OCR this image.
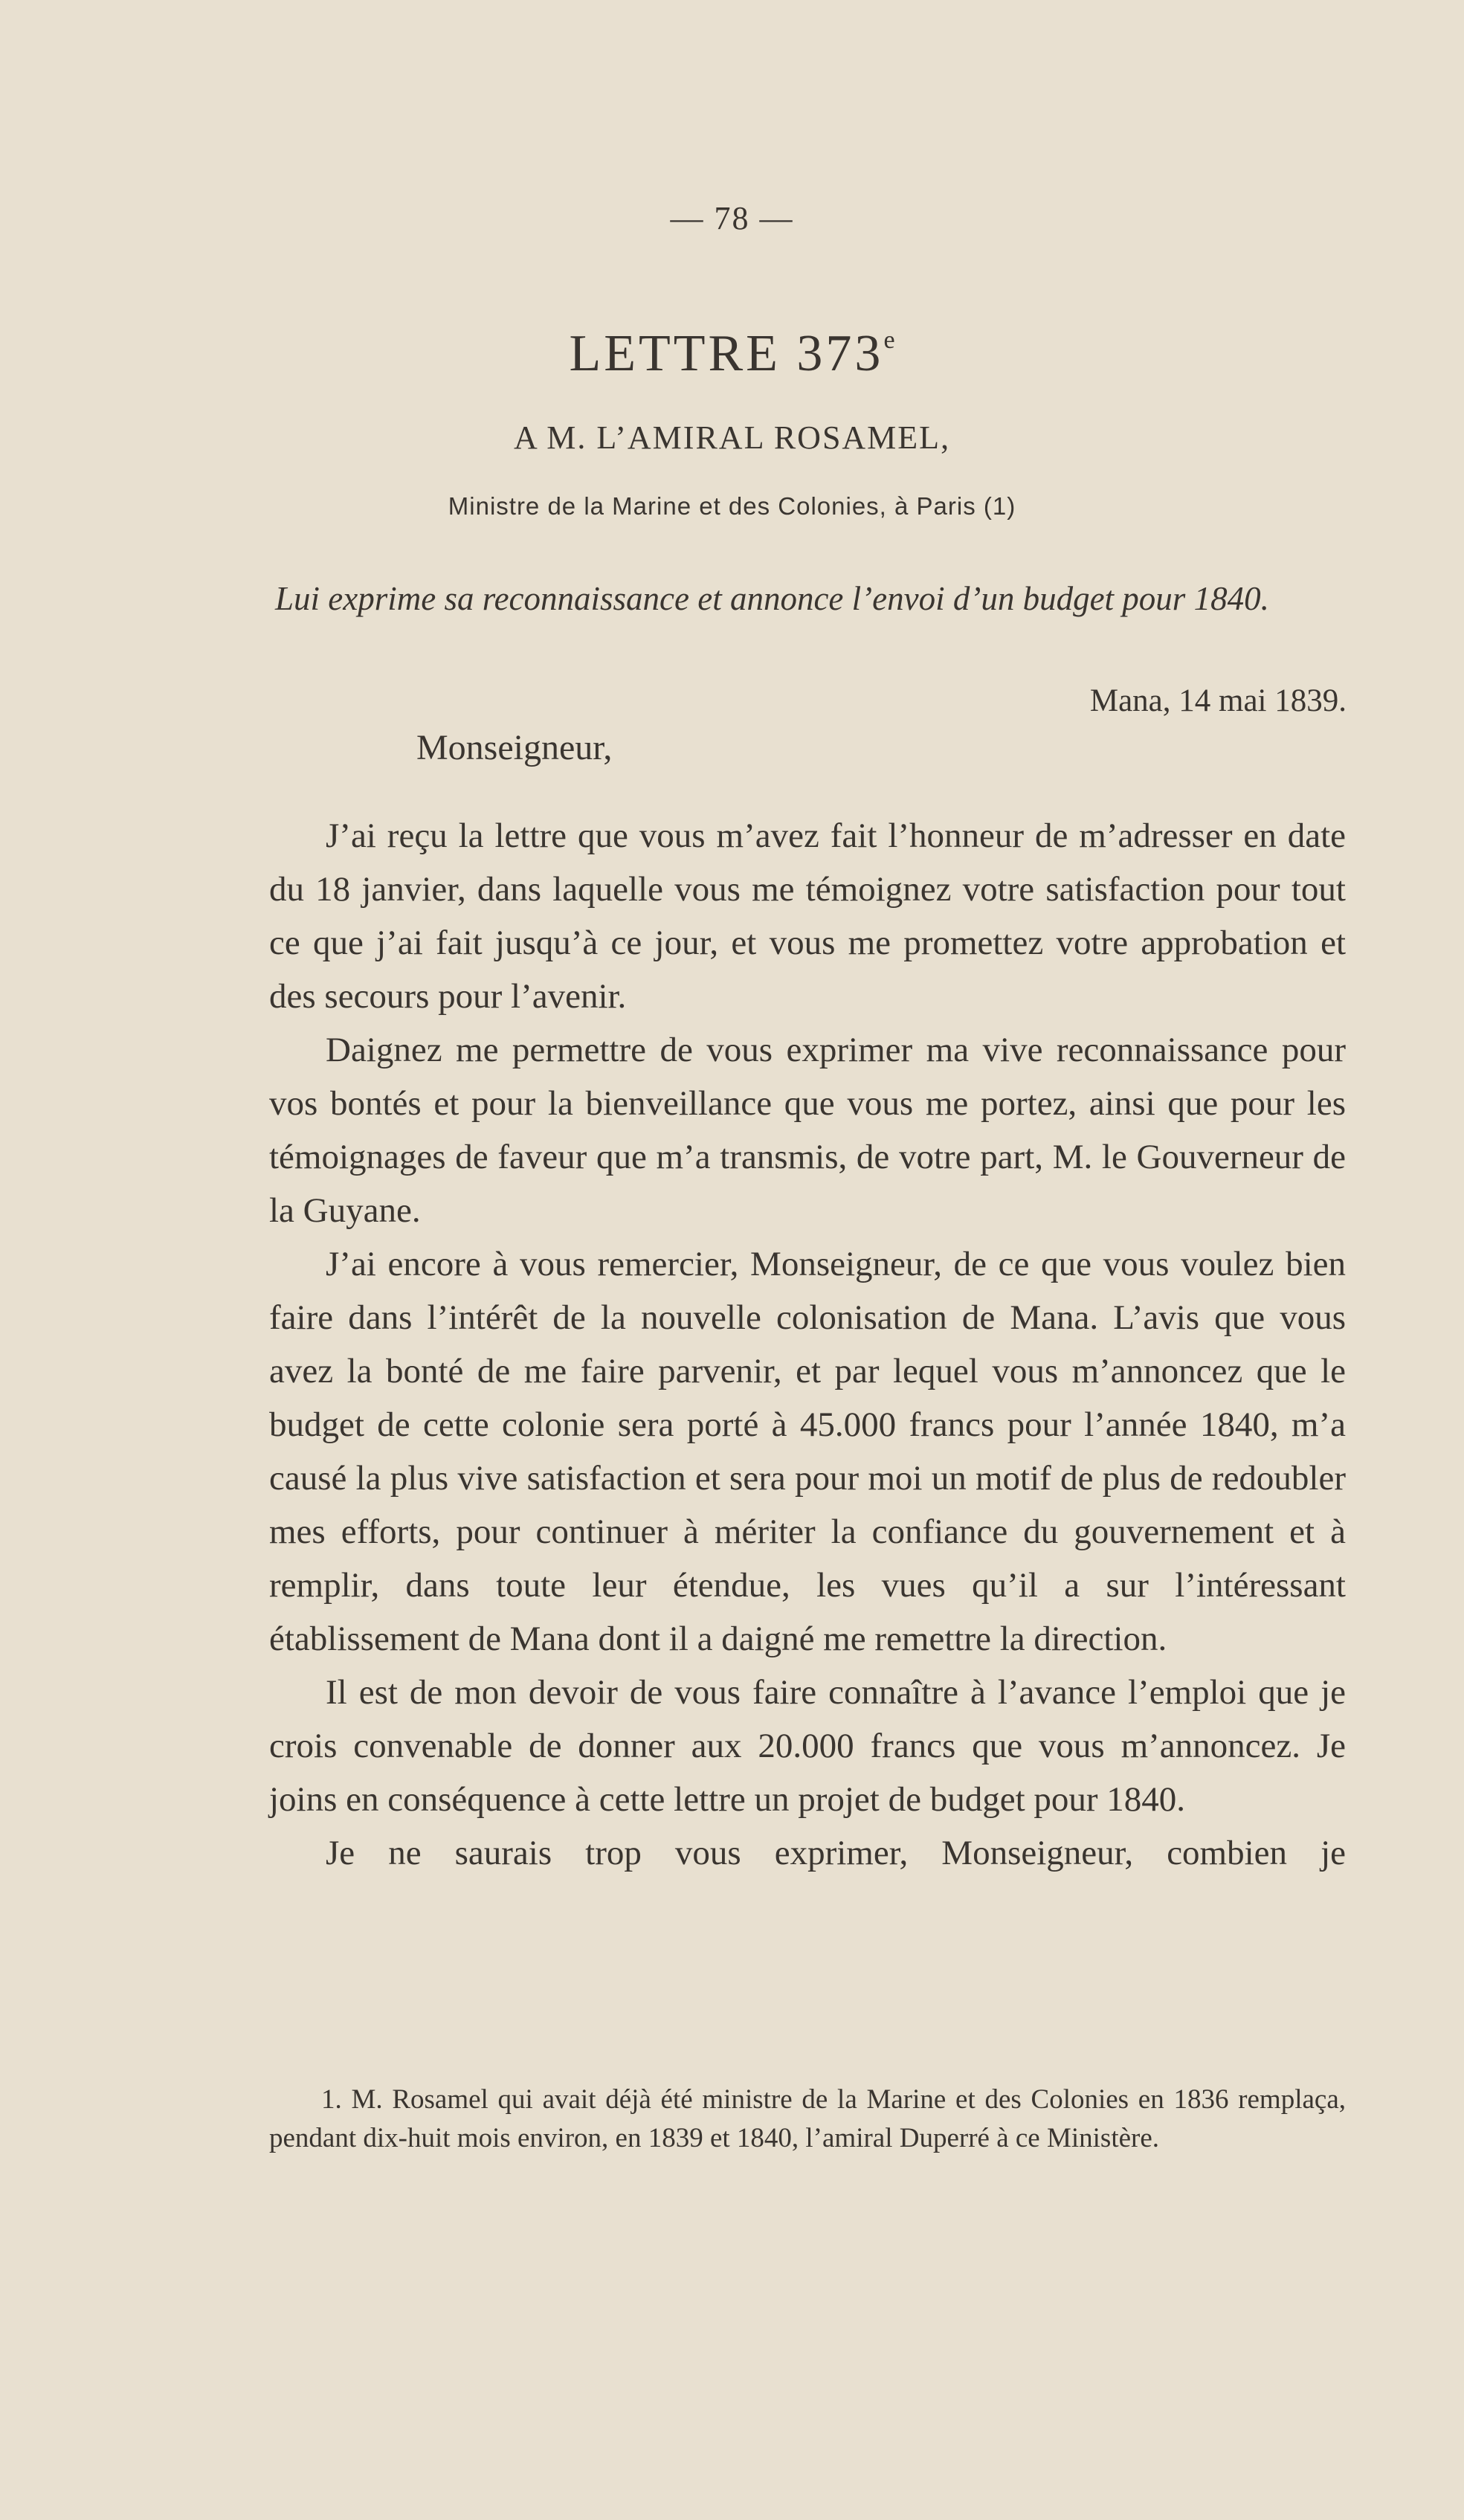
— 78 —
LETTRE 373e
A M. L’AMIRAL ROSAMEL,
Ministre de la Marine et des Colonies, à Paris (1)
Lui exprime sa reconnaissance et annonce l’envoi d’un budget pour 1840.
Mana, 14 mai 1839.
Monseigneur,

J’ai reçu la lettre que vous m’avez fait l’honneur de m’adresser en date du 18 janvier, dans laquelle vous me témoignez votre satisfaction pour tout ce que j’ai fait jusqu’à ce jour, et vous me promettez votre approbation et des secours pour l’avenir.

Daignez me permettre de vous exprimer ma vive reconnaissance pour vos bontés et pour la bienveillance que vous me portez, ainsi que pour les témoignages de faveur que m’a transmis, de votre part, M. le Gouverneur de la Guyane.

J’ai encore à vous remercier, Monseigneur, de ce que vous voulez bien faire dans l’intérêt de la nouvelle colonisation de Mana. L’avis que vous avez la bonté de me faire parvenir, et par lequel vous m’annoncez que le budget de cette colonie sera porté à 45.000 francs pour l’année 1840, m’a causé la plus vive satisfaction et sera pour moi un motif de plus de redoubler mes efforts, pour continuer à mériter la confiance du gouvernement et à remplir, dans toute leur étendue, les vues qu’il a sur l’intéressant établissement de Mana dont il a daigné me remettre la direction.

Il est de mon devoir de vous faire connaître à l’avance l’emploi que je crois convenable de donner aux 20.000 francs que vous m’annoncez. Je joins en conséquence à cette lettre un projet de budget pour 1840.

Je ne saurais trop vous exprimer, Monseigneur, combien je

1. M. Rosamel qui avait déjà été ministre de la Marine et des Colonies en 1836 remplaça, pendant dix-huit mois environ, en 1839 et 1840, l’amiral Duperré à ce Ministère.
